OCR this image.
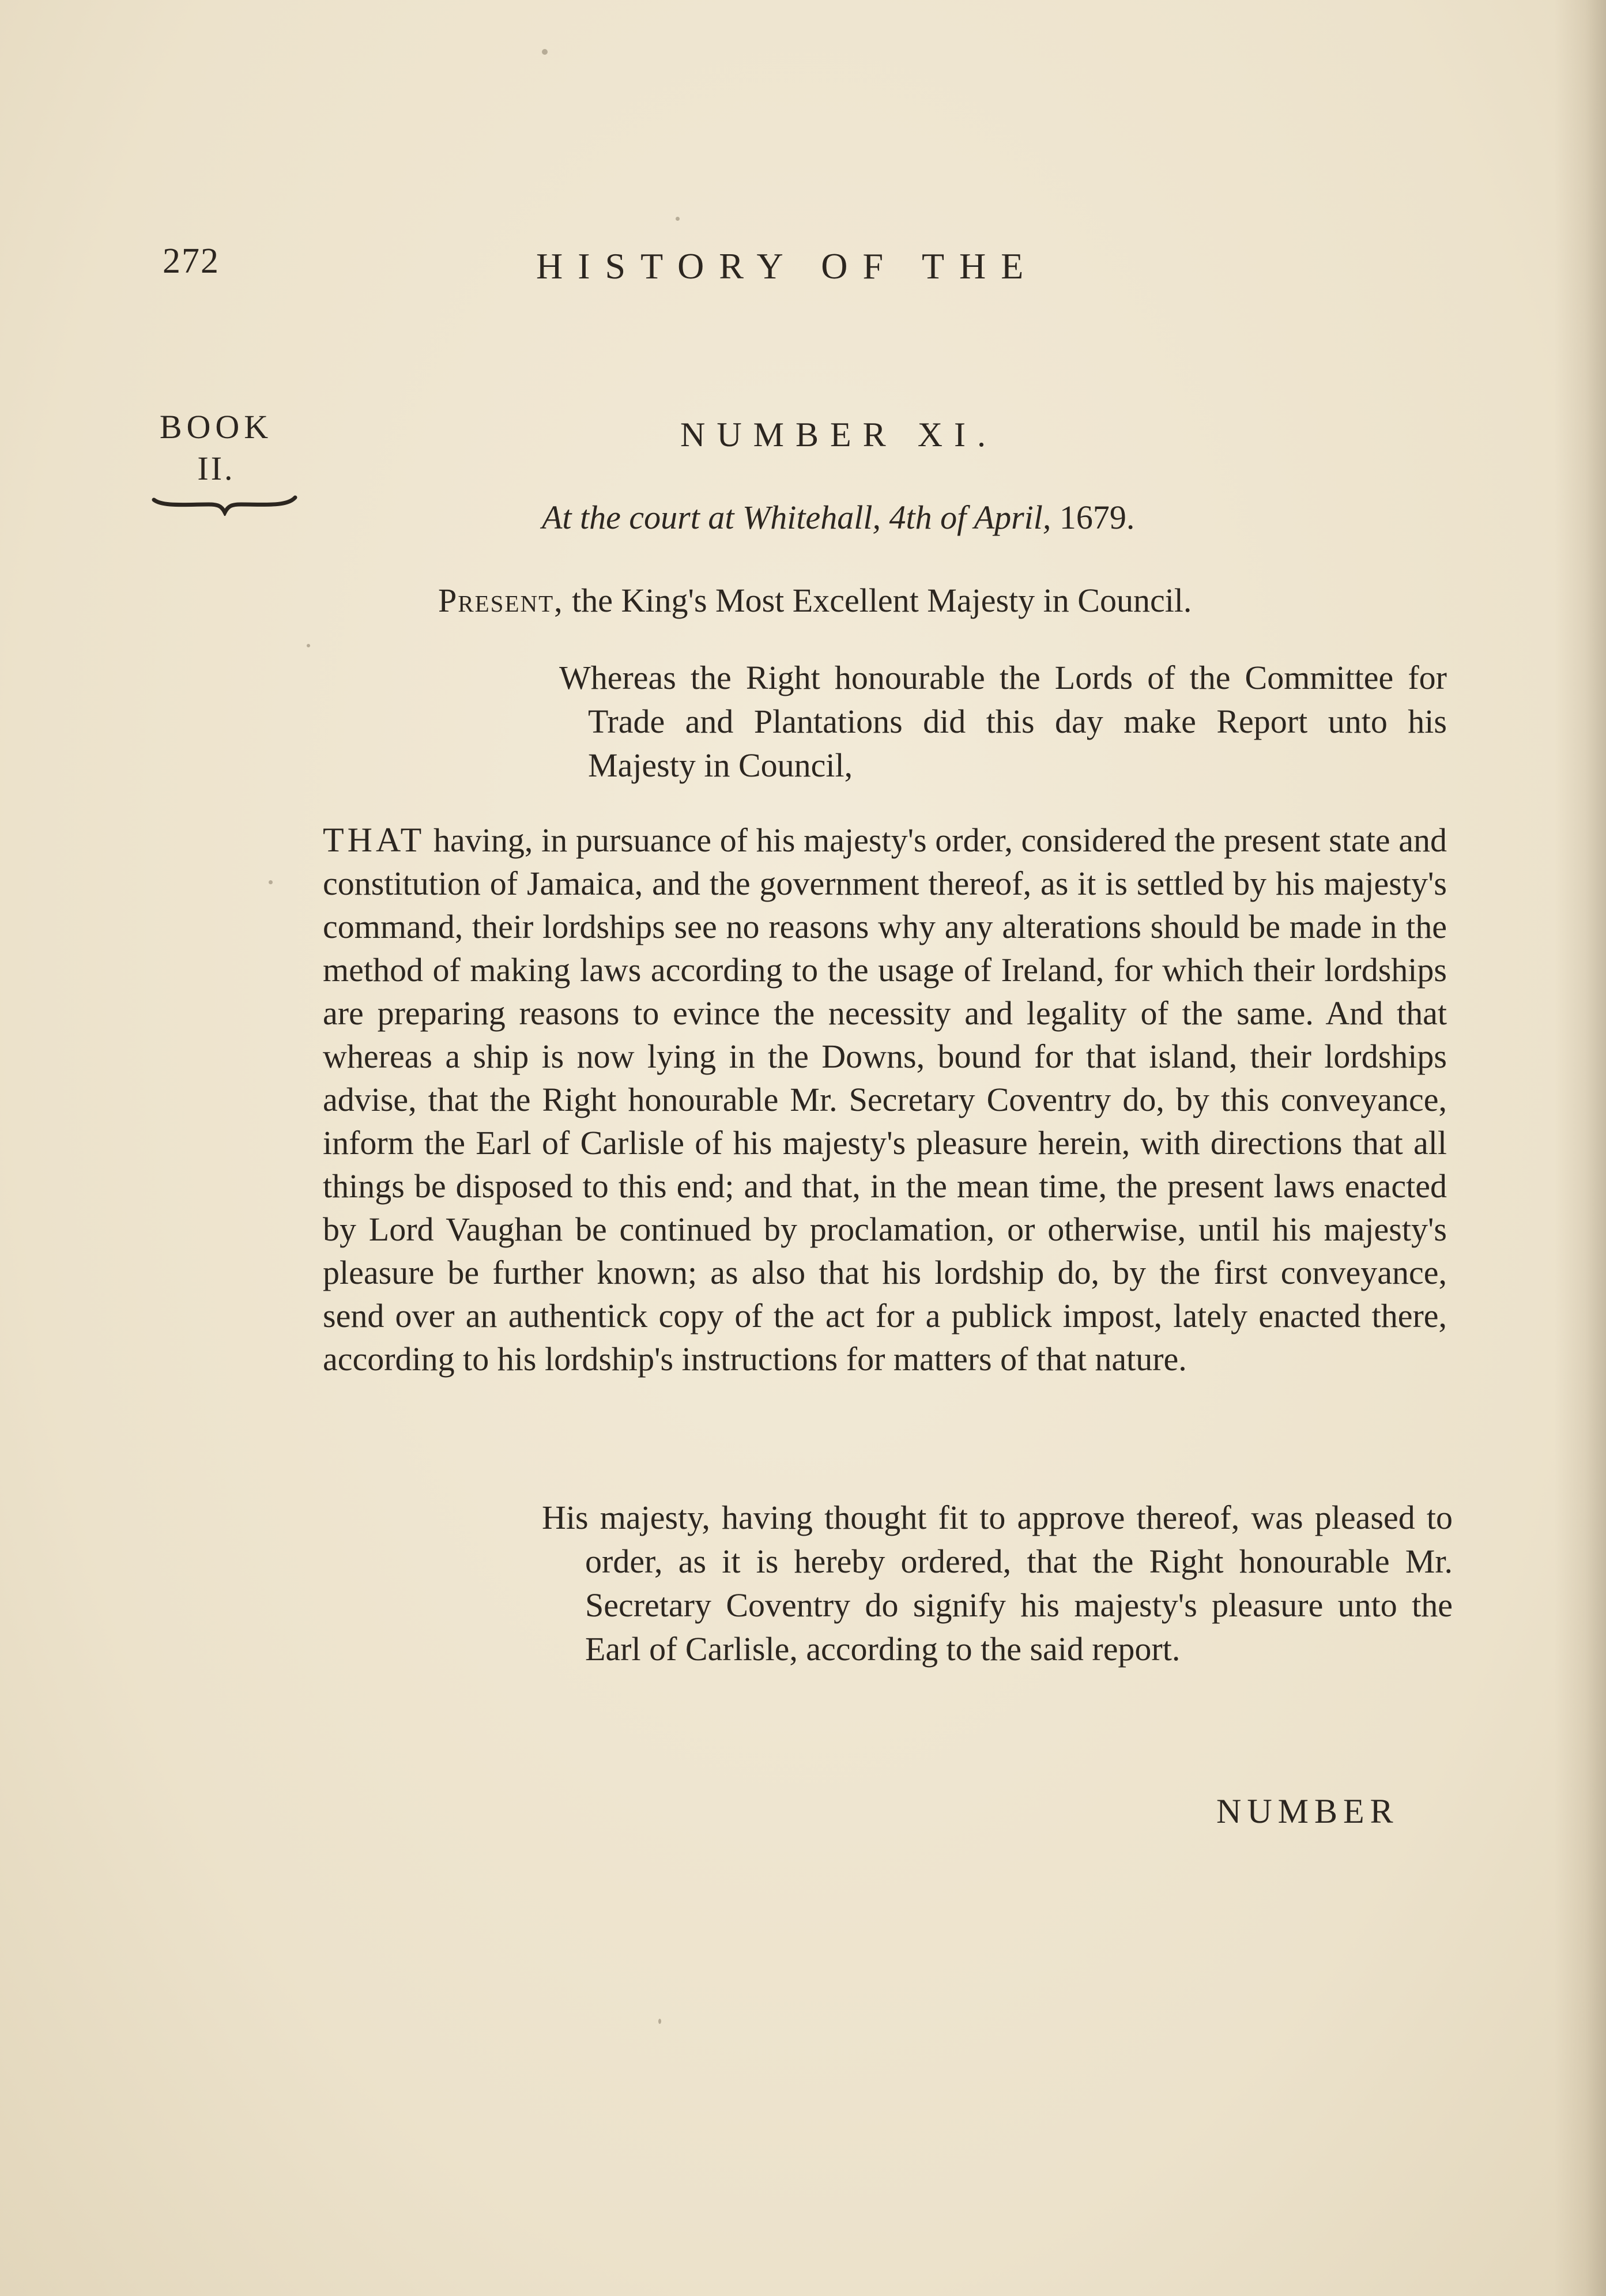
272	HISTORY OF THE
BOOK
II.
NUMBER XI.
At the court at Whitehall, 4th of April, 1679.
Present, the King's Most Excellent Majesty in Council.
Whereas the Right honourable the Lords of the Committee for Trade and Plantations did this day make Report unto his Majesty in Council,
THAT having, in pursuance of his majesty's order, considered the present state and constitution of Jamaica, and the government thereof, as it is settled by his majesty's command, their lordships see no reasons why any alterations should be made in the method of making laws according to the usage of Ireland, for which their lordships are preparing reasons to evince the necessity and legality of the same. And that whereas a ship is now lying in the Downs, bound for that island, their lordships advise, that the Right honourable Mr. Secretary Coventry do, by this conveyance, inform the Earl of Carlisle of his majesty's pleasure herein, with directions that all things be disposed to this end; and that, in the mean time, the present laws enacted by Lord Vaughan be continued by proclamation, or otherwise, until his majesty's pleasure be further known; as also that his lordship do, by the first conveyance, send over an authentick copy of the act for a publick impost, lately enacted there, according to his lordship's instructions for matters of that nature.
His majesty, having thought fit to approve thereof, was pleased to order, as it is hereby ordered, that the Right honourable Mr. Secretary Coventry do signify his majesty's pleasure unto the Earl of Carlisle, according to the said report.
NUMBER
